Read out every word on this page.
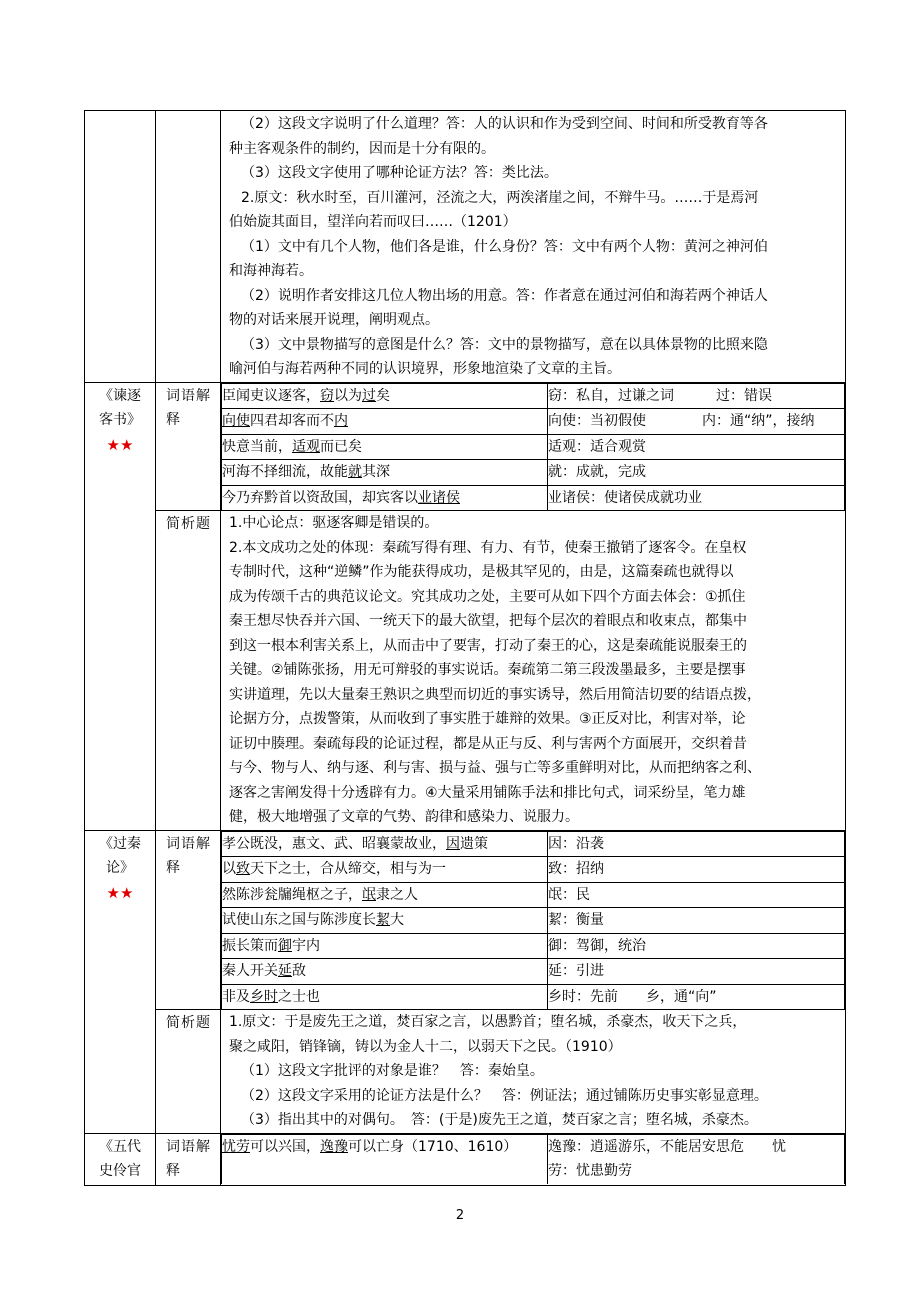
（2）这段文字说明了什么道理？答：人的认识和作为受到空间、时间和所受教育等各
种主客观条件的制约，因而是十分有限的。
（3）这段文字使用了哪种论证方法？答：类比法。
2.原文：秋水时至，百川灌河，泾流之大，两涘渚崖之间，不辩牛马。……于是焉河
伯始旋其面目，望洋向若而叹曰……（1201）
（1）文中有几个人物，他们各是谁，什么身份？答：文中有两个人物：黄河之神河伯
和海神海若。
（2）说明作者安排这几位人物出场的用意。答：作者意在通过河伯和海若两个神话人
物的对话来展开说理，阐明观点。
（3）文中景物描写的意图是什么？答：文中的景物描写，意在以具体景物的比照来隐
喻河伯与海若两种不同的认识境界，形象地渲染了文章的主旨。

《谏逐
客书》
★★

词语解
释

臣闻吏议逐客，窃以为过矣	窃：私自，过谦之词　　　过：错误
向使四君却客而不内	向使：当初假使　　　　内：通“纳”，接纳
快意当前，适观而已矣	适观：适合观赏
河海不择细流，故能就其深	就：成就，完成
今乃弃黔首以资敌国，却宾客以业诸侯	业诸侯：使诸侯成就功业

简析题	1.中心论点：驱逐客卿是错误的。
2.本文成功之处的体现：秦疏写得有理、有力、有节，使秦王撤销了逐客令。在皇权
专制时代，这种“逆鳞”作为能获得成功，是极其罕见的，由是，这篇秦疏也就得以
成为传颂千古的典范议论文。究其成功之处，主要可从如下四个方面去体会：①抓住
秦王想尽快吞并六国、一统天下的最大欲望，把每个层次的着眼点和收束点，都集中
到这一根本利害关系上，从而击中了要害，打动了秦王的心，这是秦疏能说服秦王的
关键。②铺陈张扬，用无可辩驳的事实说话。秦疏第二第三段泼墨最多，主要是摆事
实讲道理，先以大量秦王熟识之典型而切近的事实诱导，然后用简洁切要的结语点拨，
论据方分，点拨警策，从而收到了事实胜于雄辩的效果。③正反对比，利害对举，论
证切中腠理。秦疏每段的论证过程，都是从正与反、利与害两个方面展开，交织着昔
与今、物与人、纳与逐、利与害、损与益、强与亡等多重鲜明对比，从而把纳客之利、
逐客之害阐发得十分透辟有力。④大量采用铺陈手法和排比句式，词采纷呈，笔力雄
健，极大地增强了文章的气势、韵律和感染力、说服力。

《过秦
论》
★★

词语解
释

孝公既没，惠文、武、昭襄蒙故业，因遗策	因：沿袭
以致天下之士，合从缔交，相与为一	致：招纳
然陈涉瓮牖绳枢之子，氓隶之人	氓：民
试使山东之国与陈涉度长絜大	絜：衡量
振长策而御宇内	御：驾御，统治
秦人开关延敌	延：引进
非及乡时之士也	乡时：先前　　乡，通“向”

简析题	1.原文：于是废先王之道，焚百家之言，以愚黔首；堕名城，杀豪杰，收天下之兵，
聚之咸阳，销锋镝，铸以为金人十二，以弱天下之民。（1910）
（1）这段文字批评的对象是谁？　答：秦始皇。
（2）这段文字采用的论证方法是什么？　答：例证法；通过铺陈历史事实彰显意理。
（3）指出其中的对偶句。　答：(于是)废先王之道，焚百家之言；堕名城，杀豪杰。

《五代
史伶官

词语解
释

忧劳可以兴国，逸豫可以亡身（1710、1610）	逸豫：逍遥游乐，不能居安思危　　忧
劳：忧患勤劳
2
